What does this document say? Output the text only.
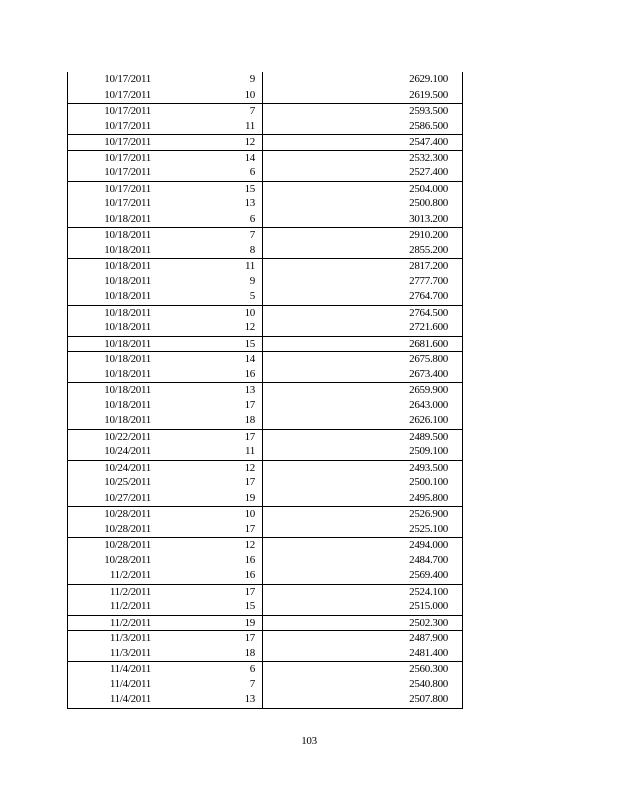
10/17/2011	9	2629.100
10/17/2011	10	2619.500
10/17/2011	7	2593.500
10/17/2011	11	2586.500
10/17/2011	12	2547.400
10/17/2011	14	2532.300
10/17/2011	6	2527.400
10/17/2011	15	2504.000
10/17/2011	13	2500.800
10/18/2011	6	3013.200
10/18/2011	7	2910.200
10/18/2011	8	2855.200
10/18/2011	11	2817.200
10/18/2011	9	2777.700
10/18/2011	5	2764.700
10/18/2011	10	2764.500
10/18/2011	12	2721.600
10/18/2011	15	2681.600
10/18/2011	14	2675.800
10/18/2011	16	2673.400
10/18/2011	13	2659.900
10/18/2011	17	2643.000
10/18/2011	18	2626.100
10/22/2011	17	2489.500
10/24/2011	11	2509.100
10/24/2011	12	2493.500
10/25/2011	17	2500.100
10/27/2011	19	2495.800
10/28/2011	10	2526.900
10/28/2011	17	2525.100
10/28/2011	12	2494.000
10/28/2011	16	2484.700
11/2/2011	16	2569.400
11/2/2011	17	2524.100
11/2/2011	15	2515.000
11/2/2011	19	2502.300
11/3/2011	17	2487.900
11/3/2011	18	2481.400
11/4/2011	6	2560.300
11/4/2011	7	2540.800
11/4/2011	13	2507.800
103
